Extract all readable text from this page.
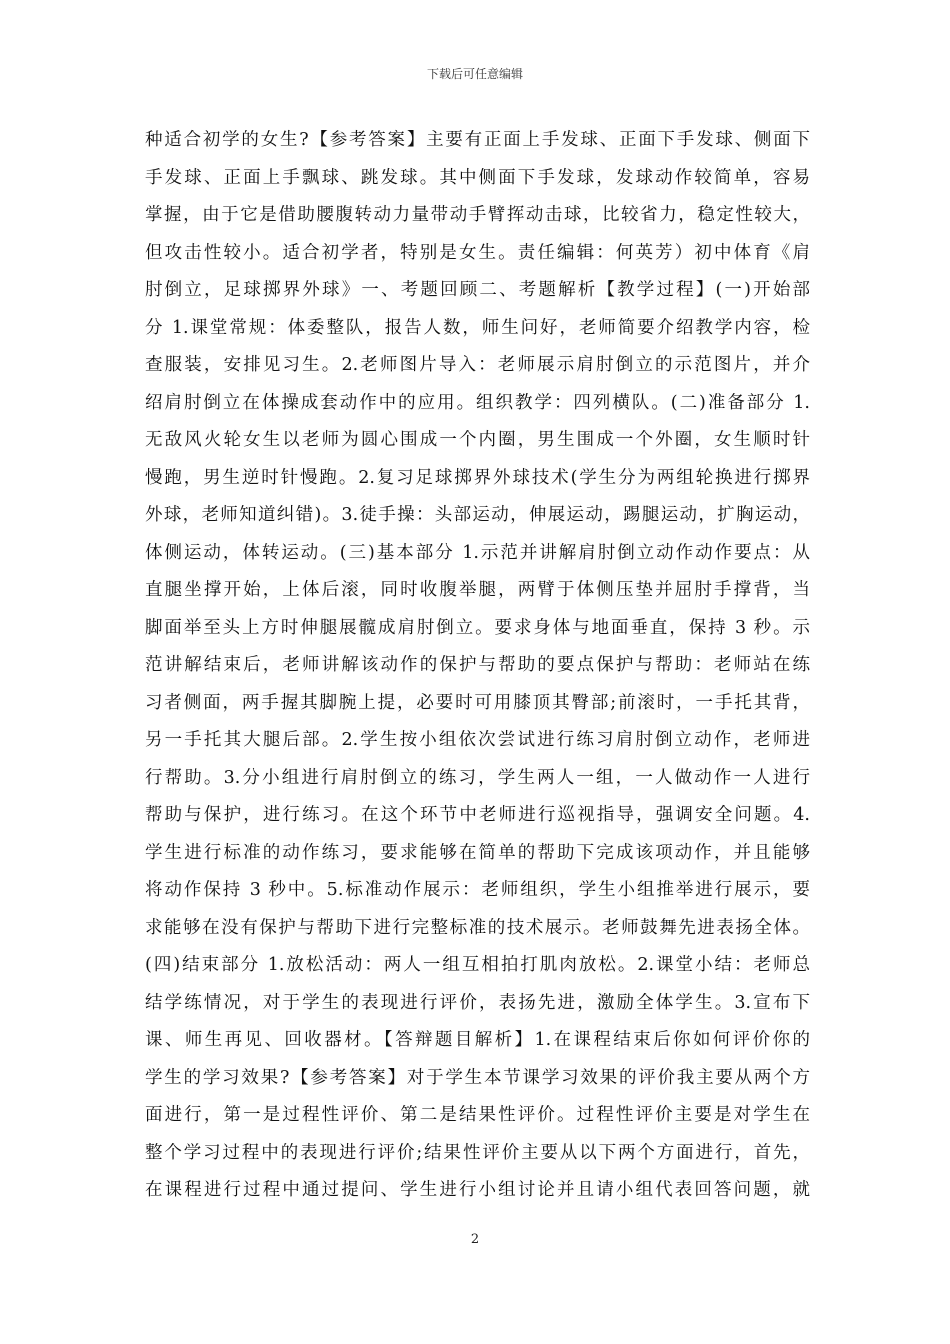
下载后可任意编辑
种适合初学的女生?【参考答案】主要有正面上手发球、正面下手发球、侧面下
手发球、正面上手飘球、跳发球。其中侧面下手发球，发球动作较简单，容易
掌握，由于它是借助腰腹转动力量带动手臂挥动击球，比较省力，稳定性较大，
但攻击性较小。适合初学者，特别是女生。责任编辑：何英芳）初中体育《肩
肘倒立，足球掷界外球》一、考题回顾二、考题解析【教学过程】(一)开始部
分 1.课堂常规：体委整队，报告人数，师生问好，老师简要介绍教学内容，检
查服装，安排见习生。2.老师图片导入：老师展示肩肘倒立的示范图片，并介
绍肩肘倒立在体操成套动作中的应用。组织教学：四列横队。(二)准备部分 1.
无敌风火轮女生以老师为圆心围成一个内圈，男生围成一个外圈，女生顺时针
慢跑，男生逆时针慢跑。2.复习足球掷界外球技术(学生分为两组轮换进行掷界
外球，老师知道纠错)。3.徒手操：头部运动，伸展运动，踢腿运动，扩胸运动，
体侧运动，体转运动。(三)基本部分 1.示范并讲解肩肘倒立动作动作要点：从
直腿坐撑开始，上体后滚，同时收腹举腿，两臂于体侧压垫并屈肘手撑背，当
脚面举至头上方时伸腿展髋成肩肘倒立。要求身体与地面垂直，保持 3 秒。示
范讲解结束后，老师讲解该动作的保护与帮助的要点保护与帮助：老师站在练
习者侧面，两手握其脚腕上提，必要时可用膝顶其臀部;前滚时，一手托其背，
另一手托其大腿后部。2.学生按小组依次尝试进行练习肩肘倒立动作，老师进
行帮助。3.分小组进行肩肘倒立的练习，学生两人一组，一人做动作一人进行
帮助与保护，进行练习。在这个环节中老师进行巡视指导，强调安全问题。4.
学生进行标准的动作练习，要求能够在简单的帮助下完成该项动作，并且能够
将动作保持 3 秒中。5.标准动作展示：老师组织，学生小组推举进行展示，要
求能够在没有保护与帮助下进行完整标准的技术展示。老师鼓舞先进表扬全体。
(四)结束部分 1.放松活动：两人一组互相拍打肌肉放松。2.课堂小结：老师总
结学练情况，对于学生的表现进行评价，表扬先进，激励全体学生。3.宣布下
课、师生再见、回收器材。【答辩题目解析】1.在课程结束后你如何评价你的
学生的学习效果?【参考答案】对于学生本节课学习效果的评价我主要从两个方
面进行，第一是过程性评价、第二是结果性评价。过程性评价主要是对学生在
整个学习过程中的表现进行评价;结果性评价主要从以下两个方面进行，首先，
在课程进行过程中通过提问、学生进行小组讨论并且请小组代表回答问题，就
2
